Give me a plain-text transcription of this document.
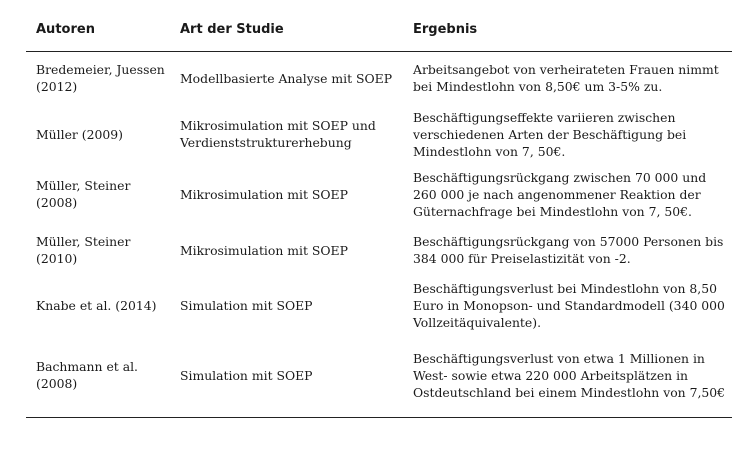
Autoren	Art der Studie	Ergebnis
Bredemeier, Juessen (2012)	Modellbasierte Analyse mit SOEP	Arbeitsangebot von verheirateten Frauen nimmt bei Mindestlohn von 8,50€ um 3-5% zu.
Müller (2009)	Mikrosimulation mit SOEP und Verdienststrukturerhebung	Beschäftigungseffekte variieren zwischen verschiedenen Arten der Beschäftigung bei Mindestlohn von 7, 50€.
Müller, Steiner (2008)	Mikrosimulation mit SOEP	Beschäftigungsrückgang zwischen 70 000 und 260 000 je nach angenommener Reaktion der Güternachfrage bei Mindestlohn von 7, 50€.
Müller, Steiner (2010)	Mikrosimulation mit SOEP	Beschäftigungsrückgang von 57000 Personen bis 384 000 für Preiselastizität von -2.
Knabe et al. (2014)	Simulation mit SOEP	Beschäftigungsverlust bei Mindestlohn von 8,50 Euro in Monopson- und Standardmodell (340 000 Vollzeitäquivalente).
Bachmann et al. (2008)	Simulation mit SOEP	Beschäftigungsverlust von etwa 1 Millionen in West- sowie etwa 220 000 Arbeitsplätzen in Ostdeutschland bei einem Mindestlohn von 7,50€
